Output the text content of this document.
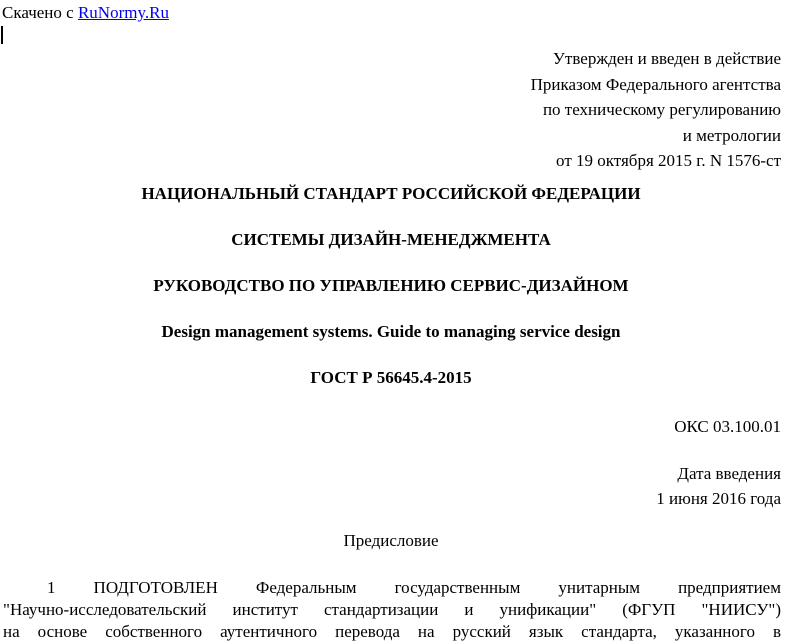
Скачено с RuNormy.Ru
Утвержден и введен в действие
Приказом Федерального агентства
по техническому регулированию
и метрологии
от 19 октября 2015 г. N 1576-ст
НАЦИОНАЛЬНЫЙ СТАНДАРТ РОССИЙСКОЙ ФЕДЕРАЦИИ
СИСТЕМЫ ДИЗАЙН-МЕНЕДЖМЕНТА
РУКОВОДСТВО ПО УПРАВЛЕНИЮ СЕРВИС-ДИЗАЙНОМ
Design management systems. Guide to managing service design
ГОСТ Р 56645.4-2015
ОКС 03.100.01
Дата введения
1 июня 2016 года
Предисловие

1 ПОДГОТОВЛЕН Федеральным государственным унитарным предприятием

"Научно-исследовательский институт стандартизации и унификации" (ФГУП "НИИСУ")

на основе собственного аутентичного перевода на русский язык стандарта, указанного в
